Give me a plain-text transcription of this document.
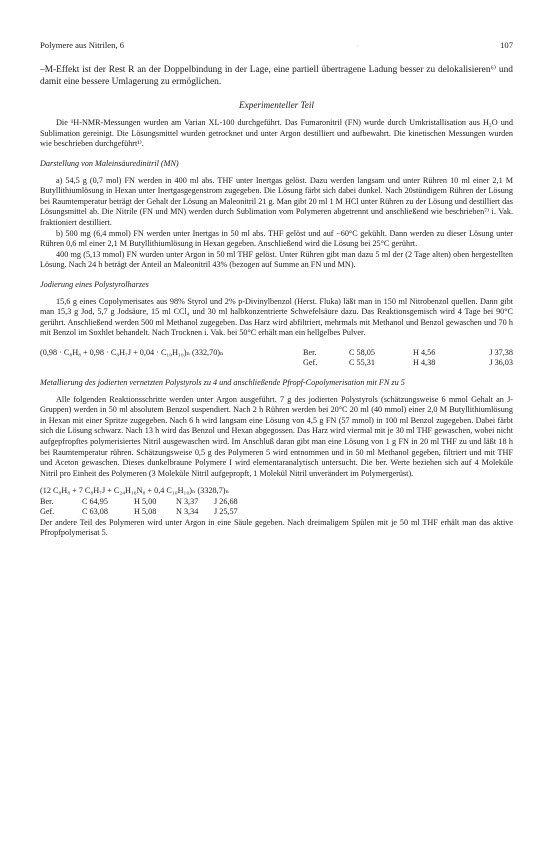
Polymere aus Nitrilen, 6	·	107

–M-Effekt ist der Rest R an der Doppelbindung in der Lage, eine partiell übertragene Ladung besser zu delokalisieren⁶⁾ und damit eine bessere Umlagerung zu ermöglichen.

Experimenteller Teil

Die ¹H-NMR-Messungen wurden am Varian XL-100 durchgeführt. Das Fumaronitril (FN) wurde durch Umkristallisation aus H₂O und Sublimation gereinigt. Die Lösungsmittel wurden getrocknet und unter Argon destilliert und aufbewahrt. Die kinetischen Messungen wurden wie beschrieben durchgeführt¹⁾.

Darstellung von Maleinsäuredinitril (MN)

a) 54,5 g (0,7 mol) FN werden in 400 ml abs. THF unter Inertgas gelöst. Dazu werden langsam und unter Rühren 10 ml einer 2,1 M Butyllithiumlösung in Hexan unter Inertgasgegenstrom zugegeben. Die Lösung färbt sich dabei dunkel. Nach 20stündigem Rühren der Lösung bei Raumtemperatur beträgt der Gehalt der Lösung an Maleonitril 21 g. Man gibt 20 ml 1 M HCl unter Rühren zu der Lösung und destilliert das Lösungsmittel ab. Die Nitrile (FN und MN) werden durch Sublimation vom Polymeren abgetrennt und anschließend wie beschrieben⁷⁾ i. Vak. fraktioniert destilliert.

b) 500 mg (6,4 mmol) FN werden unter Inertgas in 50 ml abs. THF gelöst und auf −60°C gekühlt. Dann werden zu dieser Lösung unter Rühren 0,6 ml einer 2,1 M Butyllithiumlösung in Hexan gegeben. Anschließend wird die Lösung bei 25°C gerührt.

400 mg (5,13 mmol) FN wurden unter Argon in 50 ml THF gelöst. Unter Rühren gibt man dazu 5 ml der (2 Tage alten) oben hergestellten Lösung. Nach 24 h beträgt der Anteil an Maleonitril 43% (bezogen auf Summe an FN und MN).

Jodierung eines Polystyrolharzes

15,6 g eines Copolymerisates aus 98% Styrol und 2% p-Divinylbenzol (Herst. Fluka) läßt man in 150 ml Nitrobenzol quellen. Dann gibt man 15,3 g Jod, 5,7 g Jodsäure, 15 ml CCl₄ und 30 ml halbkonzentrierte Schwefelsäure dazu. Das Reaktionsgemisch wird 4 Tage bei 90°C gerührt. Anschließend werden 500 ml Methanol zugegeben. Das Harz wird abfiltriert, mehrmals mit Methanol und Benzol gewaschen und 70 h mit Benzol im Soxhlet behandelt. Nach Trocknen i. Vak. bei 50°C erhält man ein hellgelbes Pulver.

(0,98 · C₈H₈ + 0,98 · C₈H₇J + 0,04 · C₁₀H₁₀)ₙ (332,70)ₙ	Ber.	C 58,05	H 4,56	J 37,38
Gef.	C 55,31	H 4,38	J 36,03
Metallierung des jodierten vernetzten Polystyrols zu 4 und anschließende Pfropf-Copolymerisation mit FN zu 5

Alle folgenden Reaktionsschritte werden unter Argon ausgeführt. 7 g des jodierten Polystyrols (schätzungsweise 6 mmol Gehalt an J-Gruppen) werden in 50 ml absolutem Benzol suspendiert. Nach 2 h Rühren werden bei 20°C 20 ml (40 mmol) einer 2,0 M Butyllithiumlösung in Hexan mit einer Spritze zugegeben. Nach 6 h wird langsam eine Lösung von 4,5 g FN (57 mmol) in 100 ml Benzol zugegeben. Dabei färbt sich die Lösung schwarz. Nach 13 h wird das Benzol und Hexan abgegossen. Das Harz wird viermal mit je 30 ml THF gewaschen, wobei nicht aufgepfropftes polymerisiertes Nitril ausgewaschen wird. Im Anschluß daran gibt man eine Lösung von 1 g FN in 20 ml THF zu und läßt 18 h bei Raumtemperatur rühren. Schätzungsweise 0,5 g des Polymeren 5 wird entnommen und in 50 ml Methanol gegeben, filtriert und mit THF und Aceton gewaschen. Dieses dunkelbraune Polymere I wird elementaranalytisch untersucht. Die ber. Werte beziehen sich auf 4 Moleküle Nitril pro Einheit des Polymeren (3 Moleküle Nitril aufgepropft, 1 Molekül Nitril unverändert im Polymergerüst).

(12 C₈H₈ + 7 C₈H₇J + C₂₄H₁₆N₈ + 0,4 C₁₀H₁₀)ₙ (3328,7)ₙ
Ber.	C 64,95	H 5,00	N 3,37	J 26,68
Gef.	C 63,08	H 5,08	N 3,34	J 25,57

Der andere Teil des Polymeren wird unter Argon in eine Säule gegeben. Nach dreimaligem Spülen mit je 50 ml THF erhält man das aktive Pfropfpolymerisat 5.
